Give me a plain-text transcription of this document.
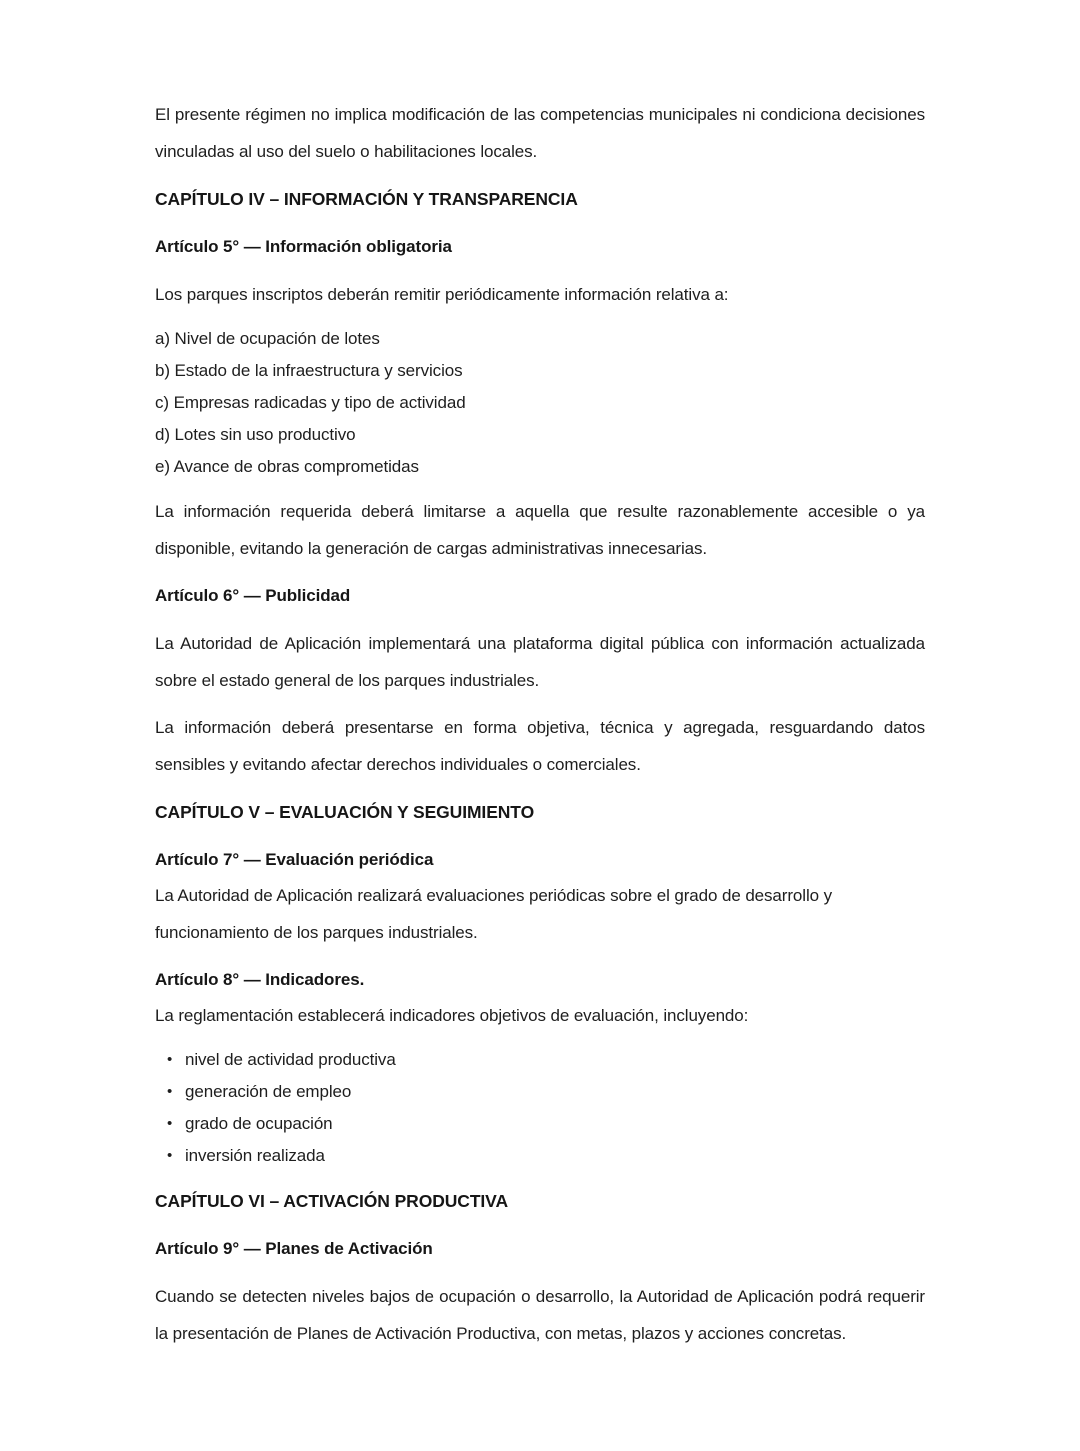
El presente régimen no implica modificación de las competencias municipales ni condiciona decisiones vinculadas al uso del suelo o habilitaciones locales.

CAPÍTULO IV – INFORMACIÓN Y TRANSPARENCIA
Artículo 5° — Información obligatoria

Los parques inscriptos deberán remitir periódicamente información relativa a:

a) Nivel de ocupación de lotes

b) Estado de la infraestructura y servicios

c) Empresas radicadas y tipo de actividad

d) Lotes sin uso productivo

e) Avance de obras comprometidas

La información requerida deberá limitarse a aquella que resulte razonablemente accesible o ya disponible, evitando la generación de cargas administrativas innecesarias.

Artículo 6° — Publicidad

La Autoridad de Aplicación implementará una plataforma digital pública con información actualizada sobre el estado general de los parques industriales.

La información deberá presentarse en forma objetiva, técnica y agregada, resguardando datos sensibles y evitando afectar derechos individuales o comerciales.

CAPÍTULO V – EVALUACIÓN Y SEGUIMIENTO
Artículo 7° — Evaluación periódica

La Autoridad de Aplicación realizará evaluaciones periódicas sobre el grado de desarrollo y funcionamiento de los parques industriales.

Artículo 8° — Indicadores.

La reglamentación establecerá indicadores objetivos de evaluación, incluyendo:

• nivel de actividad productiva
• generación de empleo
• grado de ocupación
• inversión realizada
CAPÍTULO VI – ACTIVACIÓN PRODUCTIVA
Artículo 9° — Planes de Activación

Cuando se detecten niveles bajos de ocupación o desarrollo, la Autoridad de Aplicación podrá requerir la presentación de Planes de Activación Productiva, con metas, plazos y acciones concretas.
